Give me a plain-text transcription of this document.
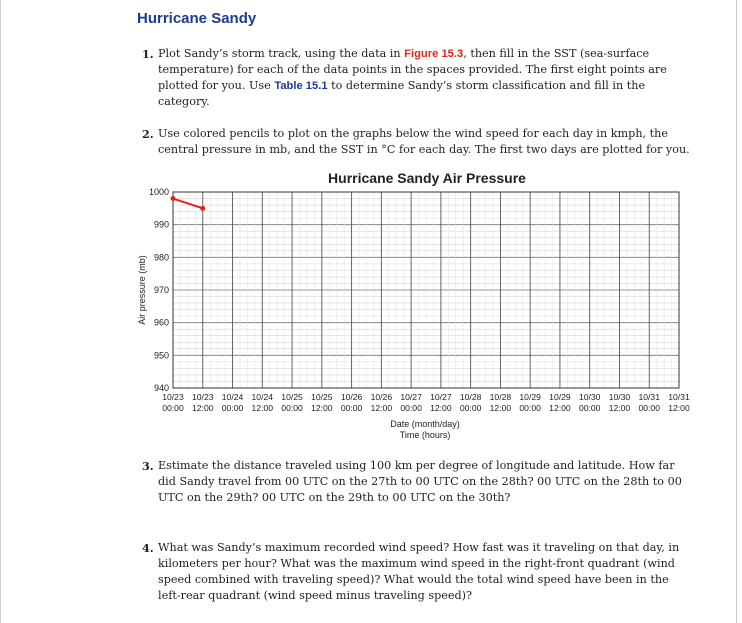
Hurricane Sandy
1. Plot Sandy’s storm track, using the data in Figure 15.3, then fill in the SST (sea-surface temperature) for each of the data points in the spaces provided. The first eight points are plotted for you. Use Table 15.1 to determine Sandy’s storm classification and fill in the category.
2. Use colored pencils to plot on the graphs below the wind speed for each day in kmph, the central pressure in mb, and the SST in °C for each day. The first two days are plotted for you.
Hurricane Sandy Air Pressure
Air pressure (mb)
1000
990
980
970
960
950
940
10/23
00:00
10/23
12:00
10/24
00:00
10/24
12:00
10/25
00:00
10/25
12:00
10/26
00:00
10/26
12:00
10/27
00:00
10/27
12:00
10/28
00:00
10/28
12:00
10/29
00:00
10/29
12:00
10/30
00:00
10/30
12:00
10/31
00:00
10/31
12:00
Date (month/day)
Time (hours)
3. Estimate the distance traveled using 100 km per degree of longitude and latitude. How far did Sandy travel from 00 UTC on the 27th to 00 UTC on the 28th? 00 UTC on the 28th to 00 UTC on the 29th? 00 UTC on the 29th to 00 UTC on the 30th?
4. What was Sandy’s maximum recorded wind speed? How fast was it traveling on that day, in kilometers per hour? What was the maximum wind speed in the right-front quadrant (wind speed combined with traveling speed)? What would the total wind speed have been in the left-rear quadrant (wind speed minus traveling speed)?
